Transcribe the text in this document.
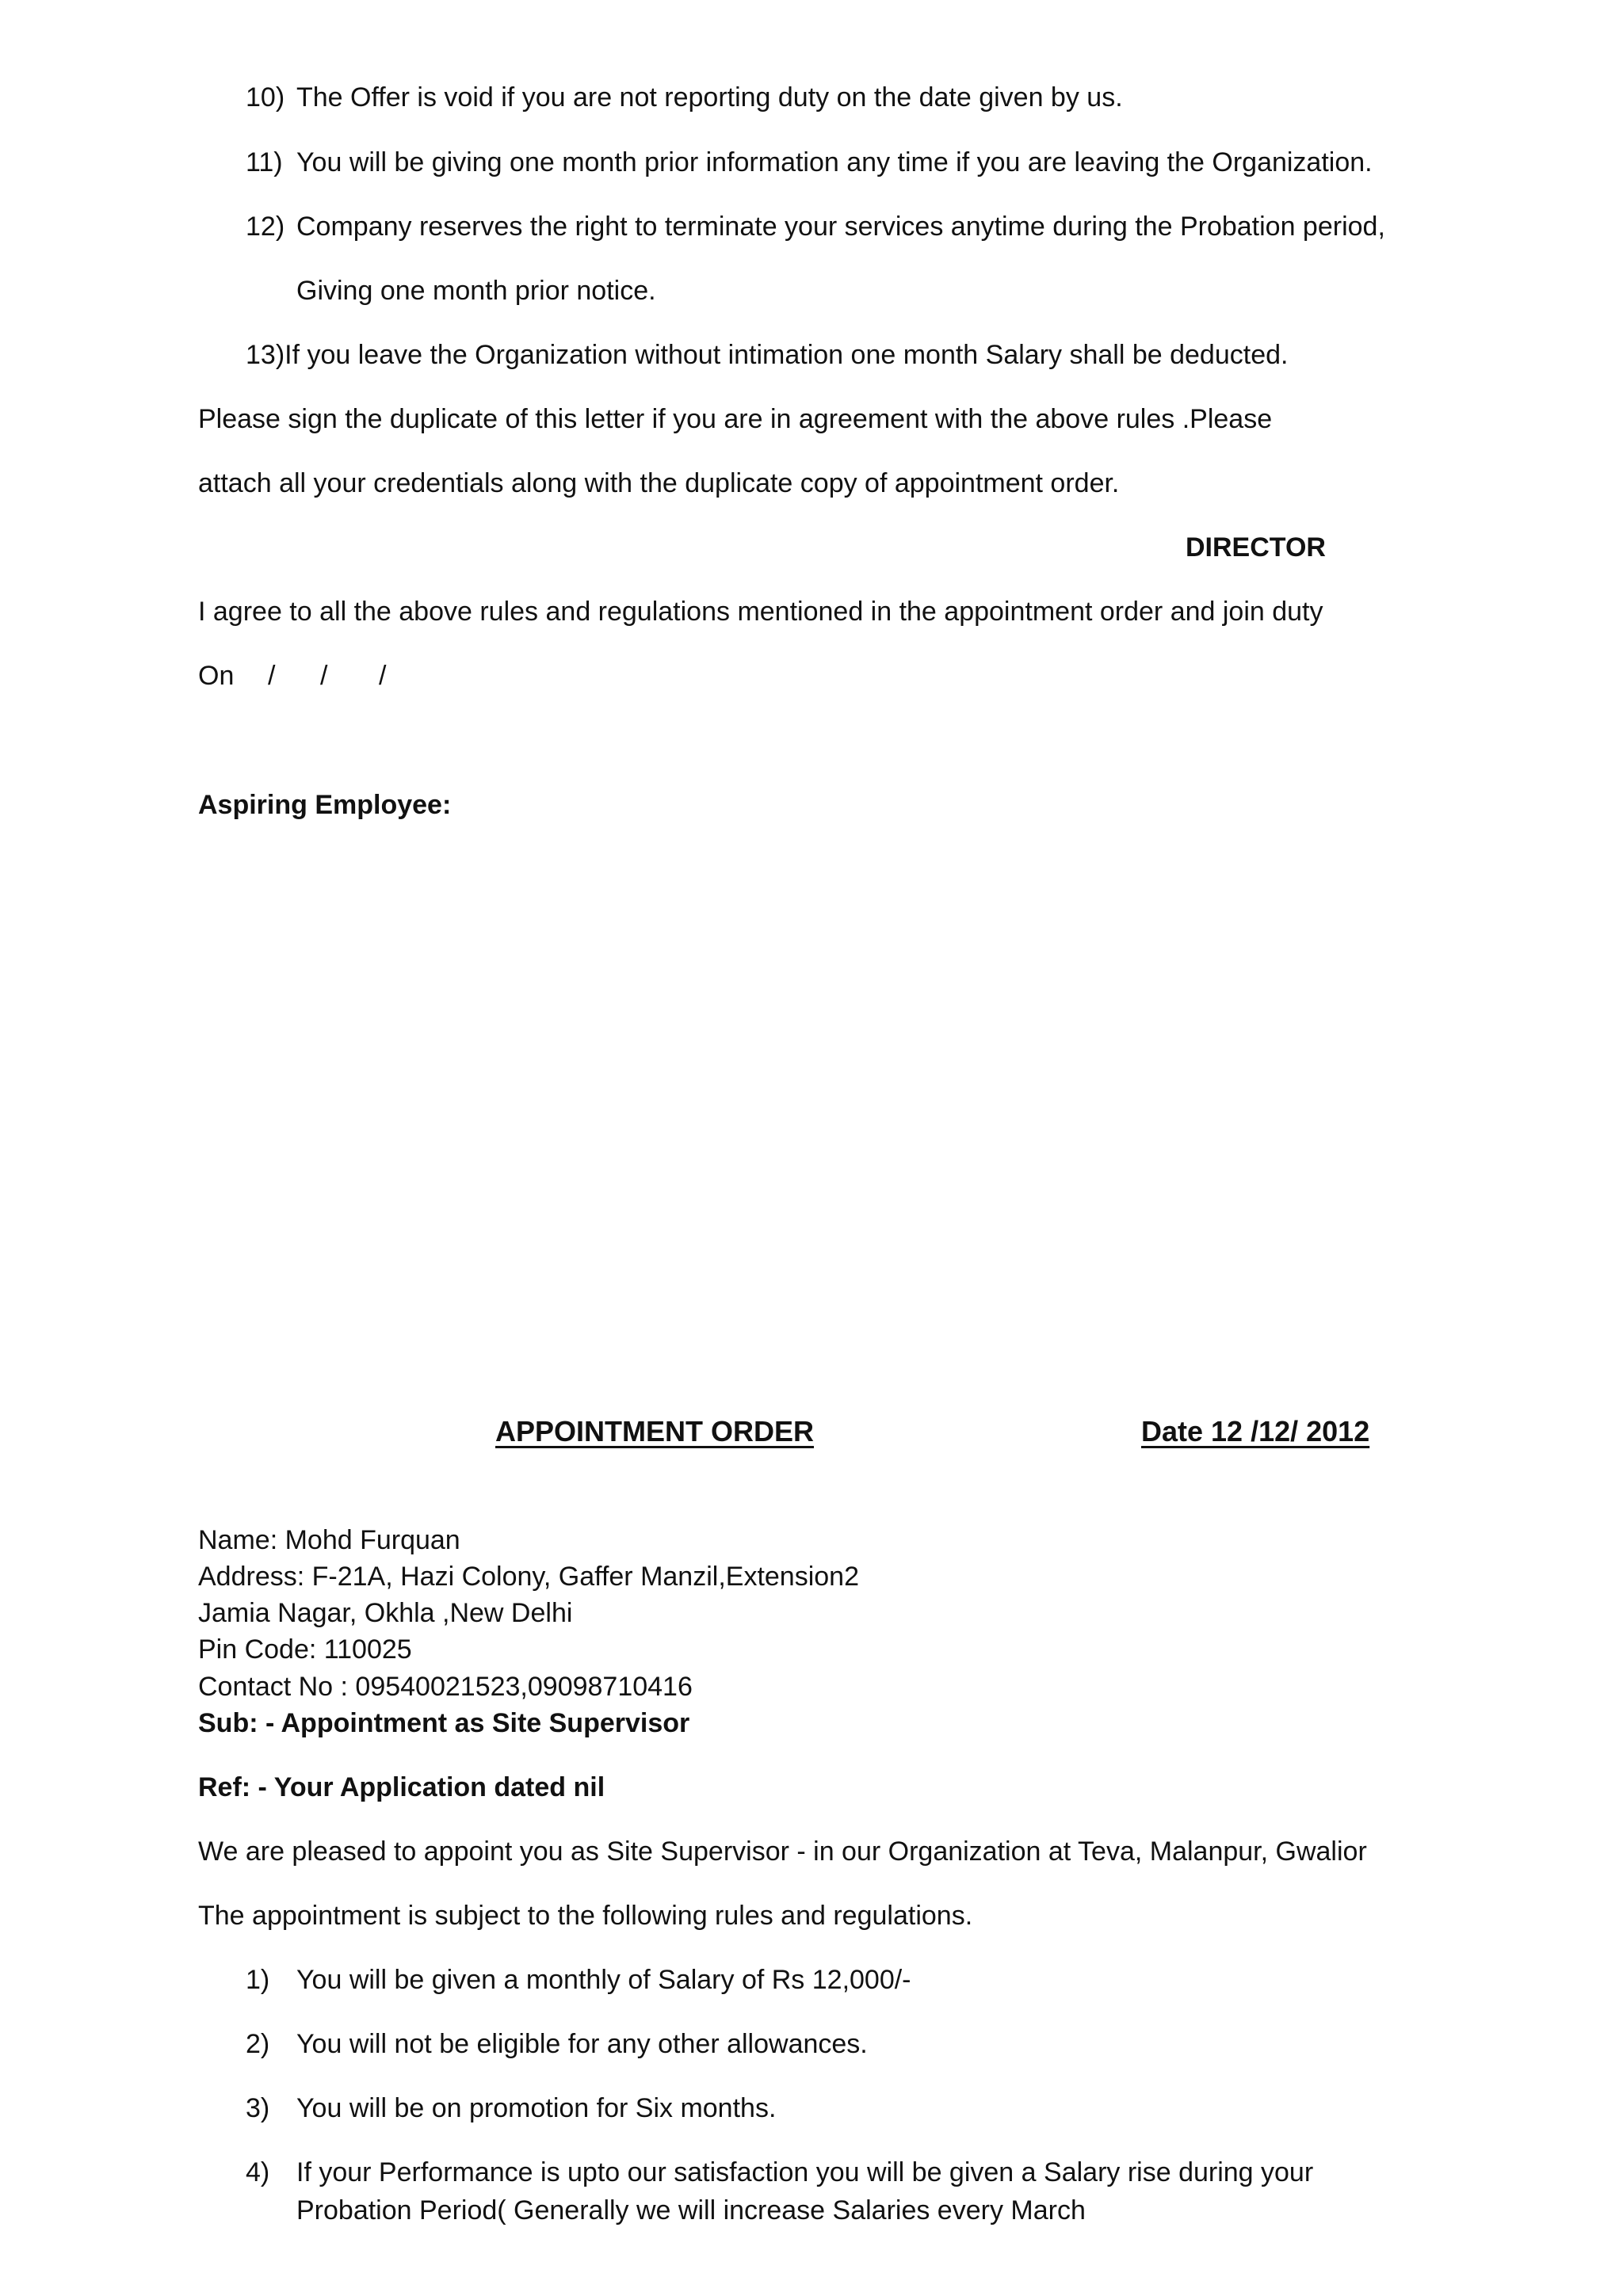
10) The Offer is void if you are not reporting duty on the date given by us.
11) You will be giving one month prior information any time if you are leaving the Organization.
12) Company reserves the right to terminate your services anytime during the Probation period,
Giving one month prior notice.
13)If you leave the Organization without intimation one month Salary shall be deducted.
Please sign the duplicate of this letter if you are in agreement with the above rules .Please
attach all your credentials along with the duplicate copy of appointment order.
DIRECTOR
I agree to all the above rules and regulations mentioned in the appointment order and join duty
On / / /
Aspiring Employee:
APPOINTMENT ORDER	Date 12 /12/ 2012
Name: Mohd Furquan
Address: F-21A, Hazi Colony, Gaffer Manzil,Extension2
Jamia Nagar, Okhla ,New Delhi
Pin Code: 110025
Contact No : 09540021523,09098710416
Sub: - Appointment as Site Supervisor
Ref: - Your Application dated nil
We are pleased to appoint you as Site Supervisor - in our Organization at Teva, Malanpur, Gwalior
The appointment is subject to the following rules and regulations.
1) You will be given a monthly of Salary of Rs 12,000/-
2) You will not be eligible for any other allowances.
3) You will be on promotion for Six months.
4) If your Performance is upto our satisfaction you will be given a Salary rise during your
Probation Period( Generally we will increase Salaries every March
